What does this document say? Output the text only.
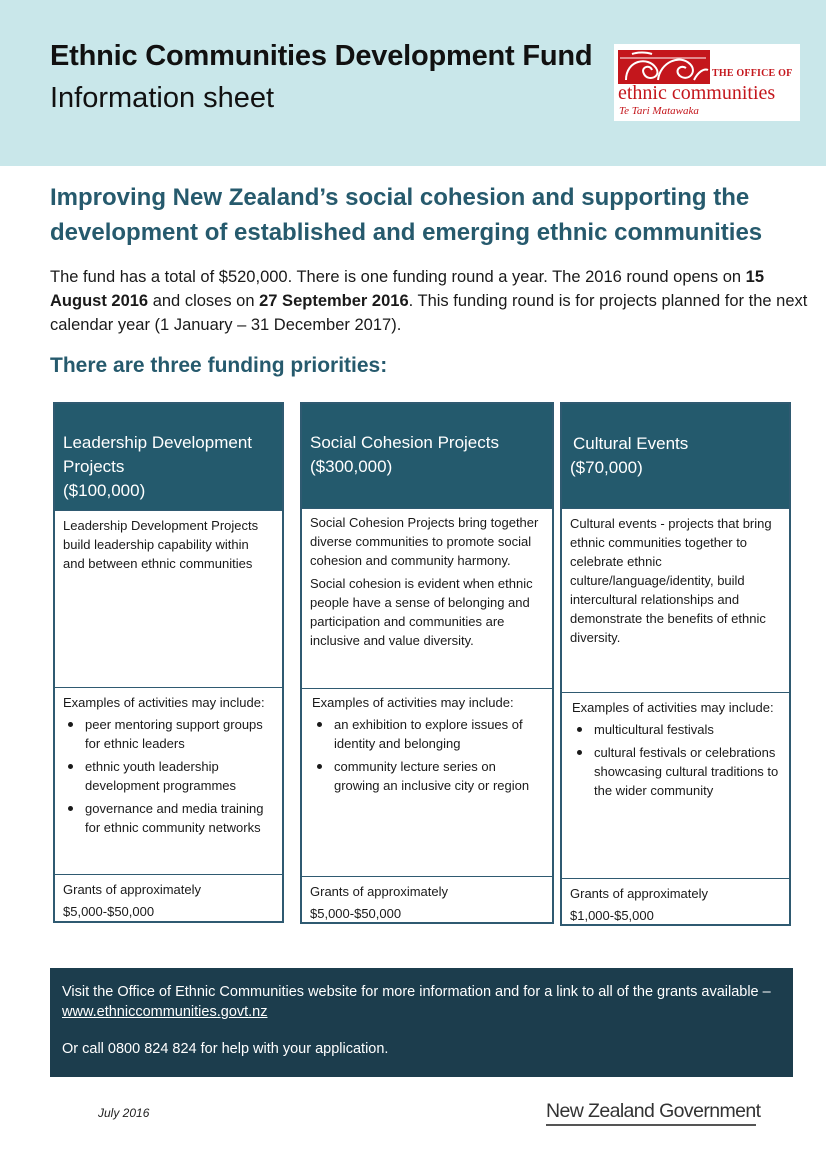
Ethnic Communities Development Fund
Information sheet
THE OFFICE OF
ethnic communities
Te Tari Matawaka
Improving New Zealand’s social cohesion and supporting the development of established and emerging ethnic communities

The fund has a total of $520,000. There is one funding round a year. The 2016 round opens on 15 August 2016 and closes on 27 September 2016. This funding round is for projects planned for the next calendar year (1 January – 31 December 2017).

There are three funding priorities:
Leadership Development Projects
($100,000)

Leadership Development Projects build leadership capability within and between ethnic communities

Examples of activities may include:

peer mentoring support groups for ethnic leaders
ethnic youth leadership development programmes
governance and media training for ethnic community networks

Grants of approximately

$5,000-$50,000

Social Cohesion Projects
($300,000)

Social Cohesion Projects bring together diverse communities to promote social cohesion and community harmony.

Social cohesion is evident when ethnic people have a sense of belonging and participation and communities are inclusive and value diversity.

Examples of activities may include:

an exhibition to explore issues of identity and belonging
community lecture series on growing an inclusive city or region

Grants of approximately

$5,000-$50,000

Cultural Events
($70,000)

Cultural events - projects that bring ethnic communities together to celebrate ethnic culture/language/identity, build intercultural relationships and demonstrate the benefits of ethnic diversity.

Examples of activities may include:

multicultural festivals
cultural festivals or celebrations showcasing cultural traditions to the wider community

Grants of approximately

$1,000-$5,000

Visit the Office of Ethnic Communities website for more information and for a link to all of the grants available – www.ethniccommunities.govt.nz

Or call 0800 824 824 for help with your application.

July 2016	New Zealand Government
